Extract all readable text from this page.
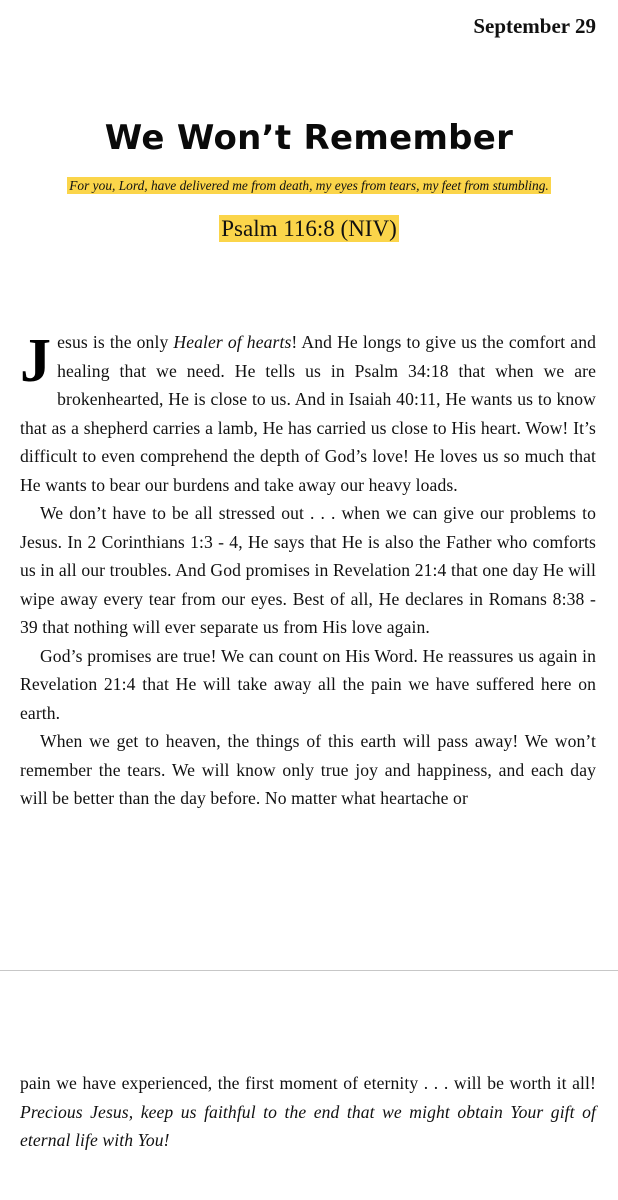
September 29
We Won’t Remember
For you, Lord, have delivered me from death, my eyes from tears, my feet from stumbling.
Psalm 116:8 (NIV)

Jesus is the only Healer of hearts! And He longs to give us the comfort and healing that we need. He tells us in Psalm 34:18 that when we are brokenhearted, He is close to us. And in Isaiah 40:11, He wants us to know that as a shepherd carries a lamb, He has carried us close to His heart. Wow! It’s difficult to even comprehend the depth of God’s love! He loves us so much that He wants to bear our burdens and take away our heavy loads.

We don’t have to be all stressed out . . . when we can give our problems to Jesus. In 2 Corinthians 1:3 - 4, He says that He is also the Father who comforts us in all our troubles. And God promises in Revelation 21:4 that one day He will wipe away every tear from our eyes. Best of all, He declares in Romans 8:38 - 39 that nothing will ever separate us from His love again.

God’s promises are true! We can count on His Word. He reassures us again in Revelation 21:4 that He will take away all the pain we have suffered here on earth.

When we get to heaven, the things of this earth will pass away! We won’t remember the tears. We will know only true joy and happiness, and each day will be better than the day before. No matter what heartache or

pain we have experienced, the first moment of eternity . . . will be worth it all! Precious Jesus, keep us faithful to the end that we might obtain Your gift of eternal life with You!
